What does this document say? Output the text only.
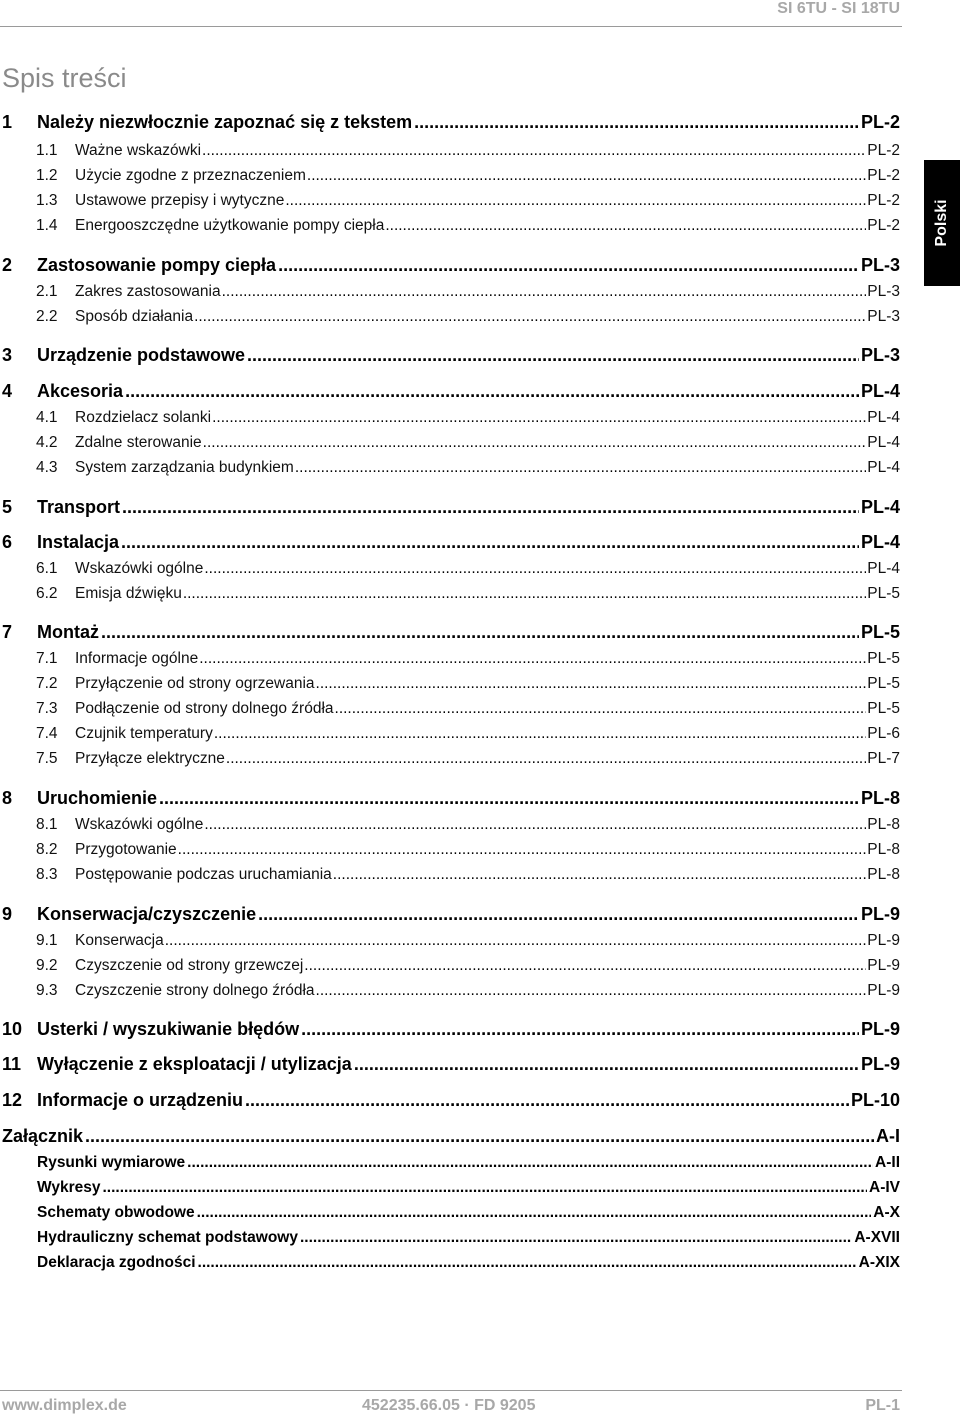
SI 6TU - SI 18TU
Spis treści
Polski
1	Należy niezwłocznie zapoznać się z tekstem .....	PL-2
1.1	Ważne wskazówki .....	PL-2
1.2	Użycie zgodne z przeznaczeniem .....	PL-2
1.3	Ustawowe przepisy i wytyczne .....	PL-2
1.4	Energooszczędne użytkowanie pompy ciepła .....	PL-2
2	Zastosowanie pompy ciepła .....	PL-3
2.1	Zakres zastosowania .....	PL-3
2.2	Sposób działania .....	PL-3
3	Urządzenie podstawowe .....	PL-3
4	Akcesoria .....	PL-4
4.1	Rozdzielacz solanki .....	PL-4
4.2	Zdalne sterowanie .....	PL-4
4.3	System zarządzania budynkiem .....	PL-4
5	Transport .....	PL-4
6	Instalacja .....	PL-4
6.1	Wskazówki ogólne .....	PL-4
6.2	Emisja dźwięku .....	PL-5
7	Montaż .....	PL-5
7.1	Informacje ogólne .....	PL-5
7.2	Przyłączenie od strony ogrzewania .....	PL-5
7.3	Podłączenie od strony dolnego źródła .....	PL-5
7.4	Czujnik temperatury .....	PL-6
7.5	Przyłącze elektryczne .....	PL-7
8	Uruchomienie .....	PL-8
8.1	Wskazówki ogólne .....	PL-8
8.2	Przygotowanie .....	PL-8
8.3	Postępowanie podczas uruchamiania .....	PL-8
9	Konserwacja/czyszczenie .....	PL-9
9.1	Konserwacja .....	PL-9
9.2	Czyszczenie od strony grzewczej .....	PL-9
9.3	Czyszczenie strony dolnego źródła .....	PL-9
10 Usterki / wyszukiwanie błędów .....	PL-9
11 Wyłączenie z eksploatacji / utylizacja .....	PL-9
12 Informacje o urządzeniu .....	PL-10
Załącznik .....	A-I
Rysunki wymiarowe .....	A-II
Wykresy .....	A-IV
Schematy obwodowe .....	A-X
Hydrauliczny schemat podstawowy .....	A-XVII
Deklaracja zgodności .....	A-XIX
www.dimplex.de	452235.66.05 · FD 9205	PL-1
